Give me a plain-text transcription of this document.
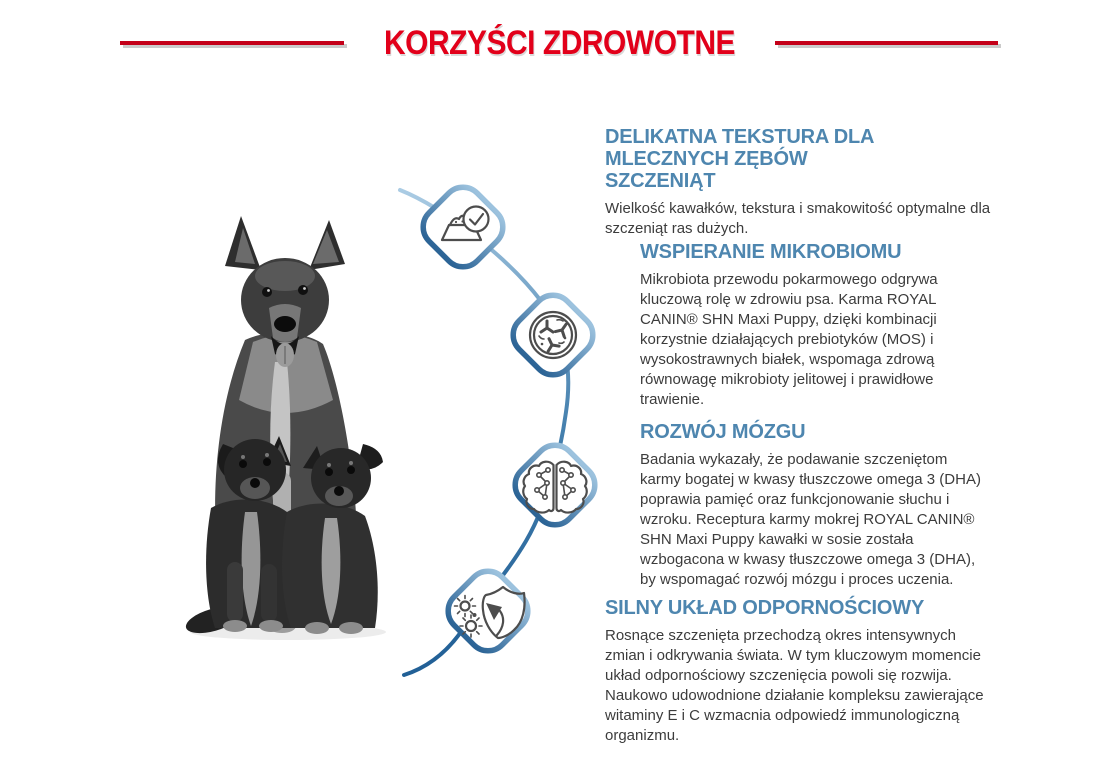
KORZYŚCI ZDROWOTNE
DELIKATNA TEKSTURA DLA MLECZNYCH ZĘBÓW SZCZENIĄT

Wielkość kawałków, tekstura i smakowitość optymalne dla szczeniąt ras dużych.

WSPIERANIE MIKROBIOMU

Mikrobiota przewodu pokarmowego odgrywa kluczową rolę w zdrowiu psa. Karma ROYAL CANIN® SHN Maxi Puppy, dzięki kombinacji korzystnie działających prebiotyków (MOS) i wysokostrawnych białek, wspomaga zdrową równowagę mikrobioty jelitowej i prawidłowe trawienie.

ROZWÓJ MÓZGU

Badania wykazały, że podawanie szczeniętom karmy bogatej w kwasy tłuszczowe omega 3 (DHA) poprawia pamięć oraz funkcjonowanie słuchu i wzroku. Receptura karmy mokrej ROYAL CANIN® SHN Maxi Puppy kawałki w sosie została wzbogacona w kwasy tłuszczowe omega 3 (DHA), by wspomagać rozwój mózgu i proces uczenia.

SILNY UKŁAD ODPORNOŚCIOWY

Rosnące szczenięta przechodzą okres intensywnych zmian i odkrywania świata. W tym kluczowym momencie układ odpornościowy szczenięcia powoli się rozwija. Naukowo udowodnione działanie kompleksu zawierające witaminy E i C wzmacnia odpowiedź immunologiczną organizmu.
